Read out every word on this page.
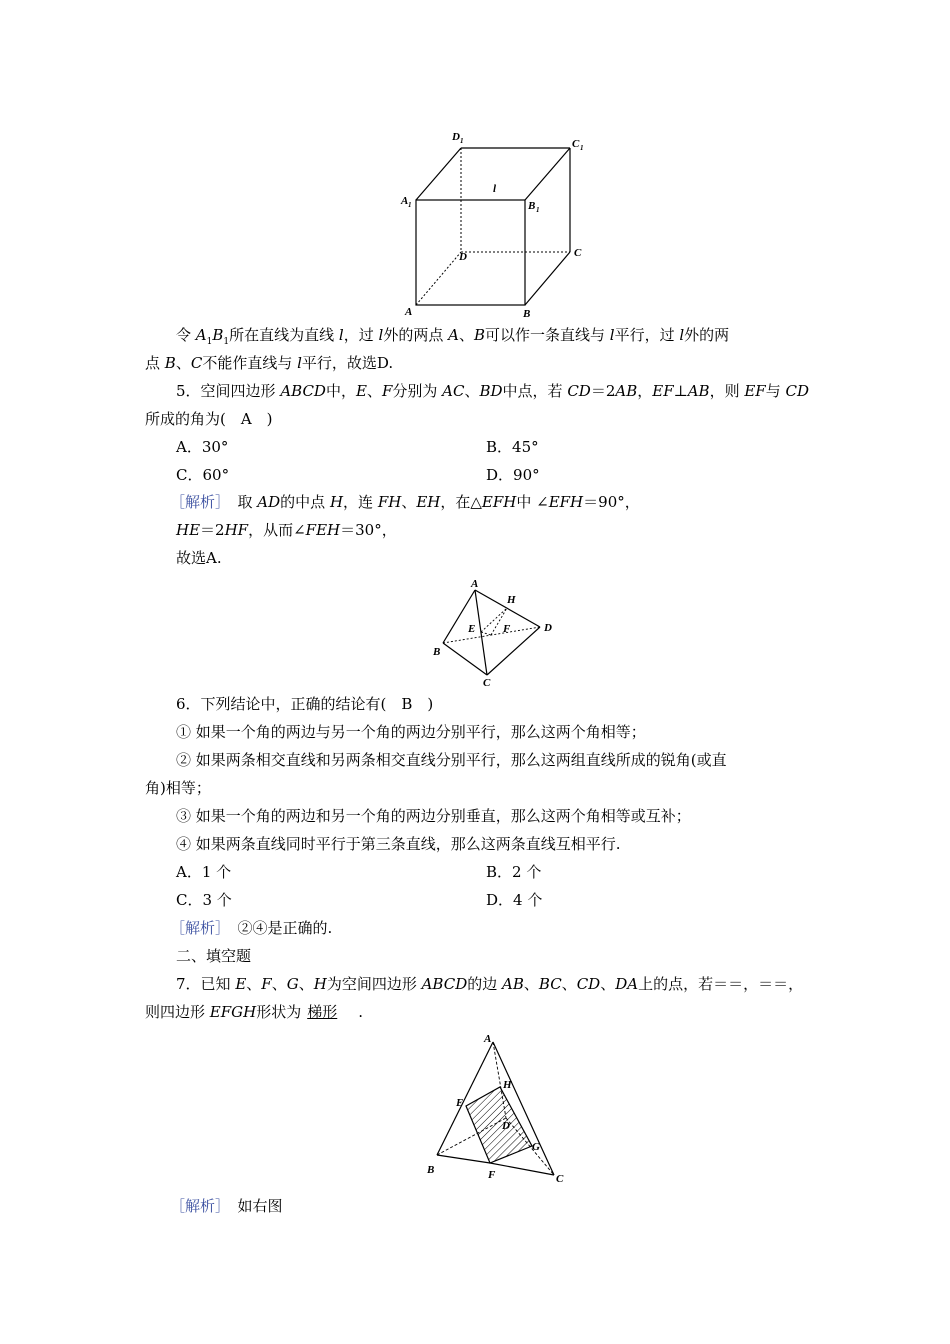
D 1	C 1
A 1	B 1
l
D	C
A	B
令 $A_1B_1$所在直线为直线 l，过 l外的两点 A、B可以作一条直线与 l平行，过 l外的两
点 B、C不能作直线与 l平行，故选D.
5．空间四边形 ABCD中，E、F分别为 AC、BD中点，若 CD＝2AB，EF⊥AB，则 EF与 CD
所成的角为(　A　)
A．30°	B．45°
C．60°	D．90°
［解析］　取 AD的中点 H，连 FH、EH，在△EFH中 ∠EFH＝90°，
HE＝2HF，从而∠FEH＝30°，
故选A.
A
H
E	F	D
B
C
6．下列结论中，正确的结论有(　B　)
① 如果一个角的两边与另一个角的两边分别平行，那么这两个角相等；
② 如果两条相交直线和另两条相交直线分别平行，那么这两组直线所成的锐角(或直
角)相等；
③ 如果一个角的两边和另一个角的两边分别垂直，那么这两个角相等或互补；
④ 如果两条直线同时平行于第三条直线，那么这两条直线互相平行.
A．1 个	B．2 个
C．3 个	D．4 个
［解析］　②④是正确的.
二、填空题
7．已知 E、F、G、H为空间四边形 ABCD的边 AB、BC、CD、DA上的点，若＝＝，＝＝，
则四边形 EFGH形状为 梯形　 .
A
H
E
D
G
B	F	C
［解析］　如右图
